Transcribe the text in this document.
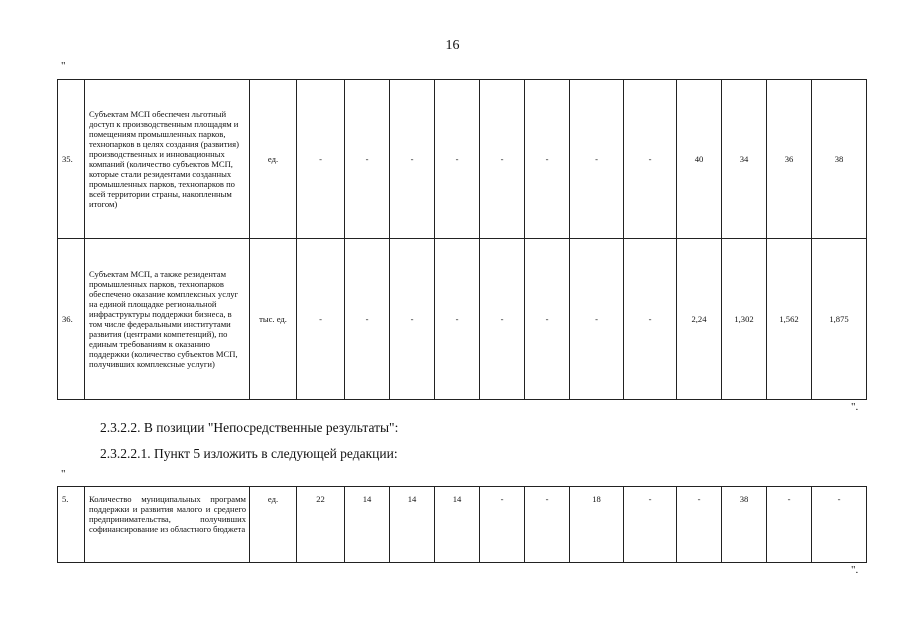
16
"
35.	Субъектам МСП обеспечен льготный доступ к производственным площадям и помещениям промышленных парков, технопарков в целях создания (развития) производственных и инновационных компаний (количество субъектов МСП, которые стали резидентами созданных промышленных парков, технопарков по всей территории страны, накопленным итогом)	ед.	-	-	-	-	-	-	-	-	40	34	36	38
36.	Субъектам МСП, а также резидентам промышленных парков, технопарков обеспечено оказание комплексных услуг на единой площадке региональной инфраструктуры поддержки бизнеса, в том числе федеральными институтами развития (центрами компетенций), по единым требованиям к оказанию поддержки (количество субъектов МСП, получивших комплексные услуги)	тыс. ед.	-	-	-	-	-	-	-	-	2,24	1,302	1,562	1,875
".
2.3.2.2. В позиции "Непосредственные результаты":
2.3.2.2.1. Пункт 5 изложить в следующей редакции:
"
5.	Количество муниципальных программ поддержки и развития малого и среднего предпринимательства, получивших софинансирование из областного бюджета	ед.	22	14	14	14	-	-	18	-	-	38	-	-
".
